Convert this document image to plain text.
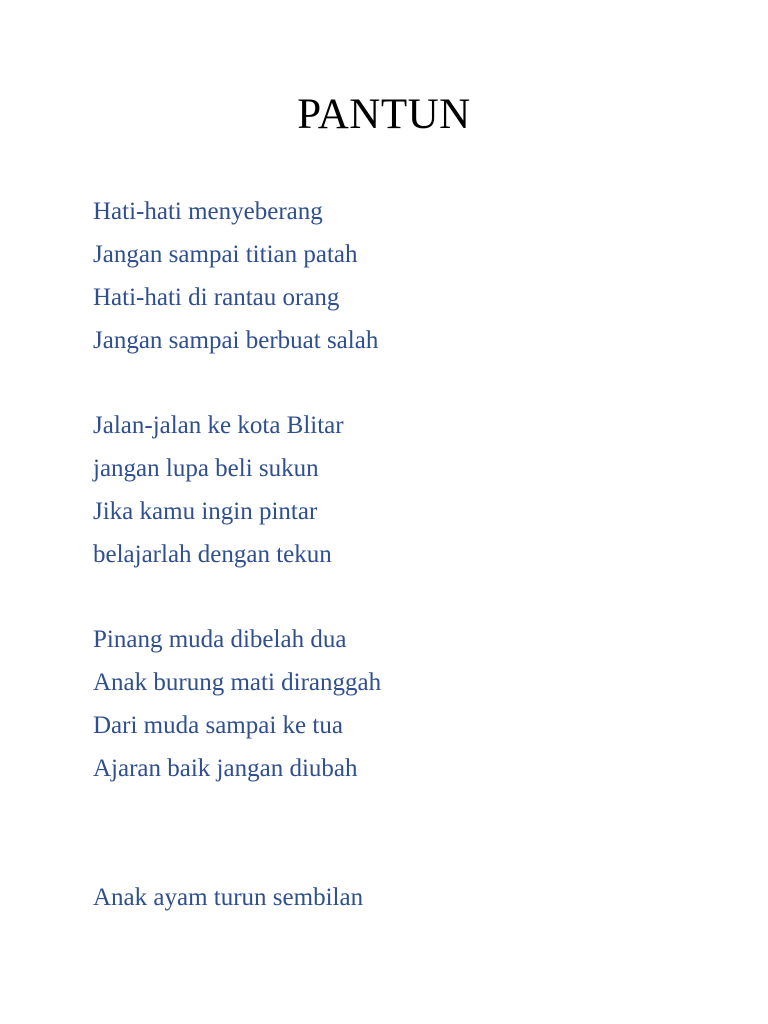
PANTUN
Hati-hati menyeberang
Jangan sampai titian patah
Hati-hati di rantau orang
Jangan sampai berbuat salah
Jalan-jalan ke kota Blitar
jangan lupa beli sukun
Jika kamu ingin pintar
belajarlah dengan tekun
Pinang muda dibelah dua
Anak burung mati diranggah
Dari muda sampai ke tua
Ajaran baik jangan diubah
Anak ayam turun sembilan
